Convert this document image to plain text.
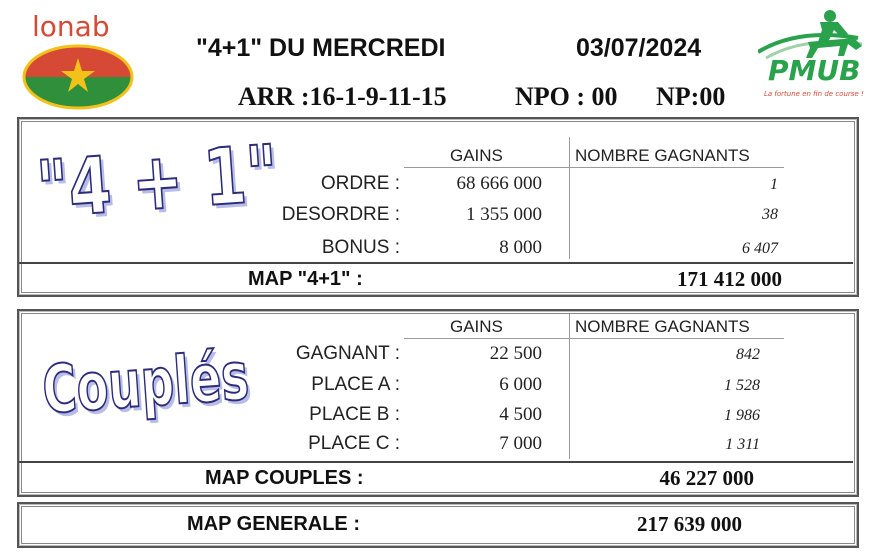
lonab
PMUB
La fortune en fin de course !
"4+1" DU MERCREDI	03/07/2024
ARR :16-1-9-11-15	NPO : 00 NP:00
"4 + 1"	GAINS	NOMBRE GAGNANTS
ORDRE :	68 666 000	1
DESORDRE :	1 355 000	38
BONUS :	8 000	6 407
MAP "4+1" :	171 412 000
Couplés
GAINS	NOMBRE GAGNANTS
GAGNANT :	22 500	842
PLACE A :	6 000	1 528
PLACE B :	4 500	1 986
PLACE C :	7 000	1 311
MAP COUPLES :	46 227 000
MAP GENERALE :	217 639 000
